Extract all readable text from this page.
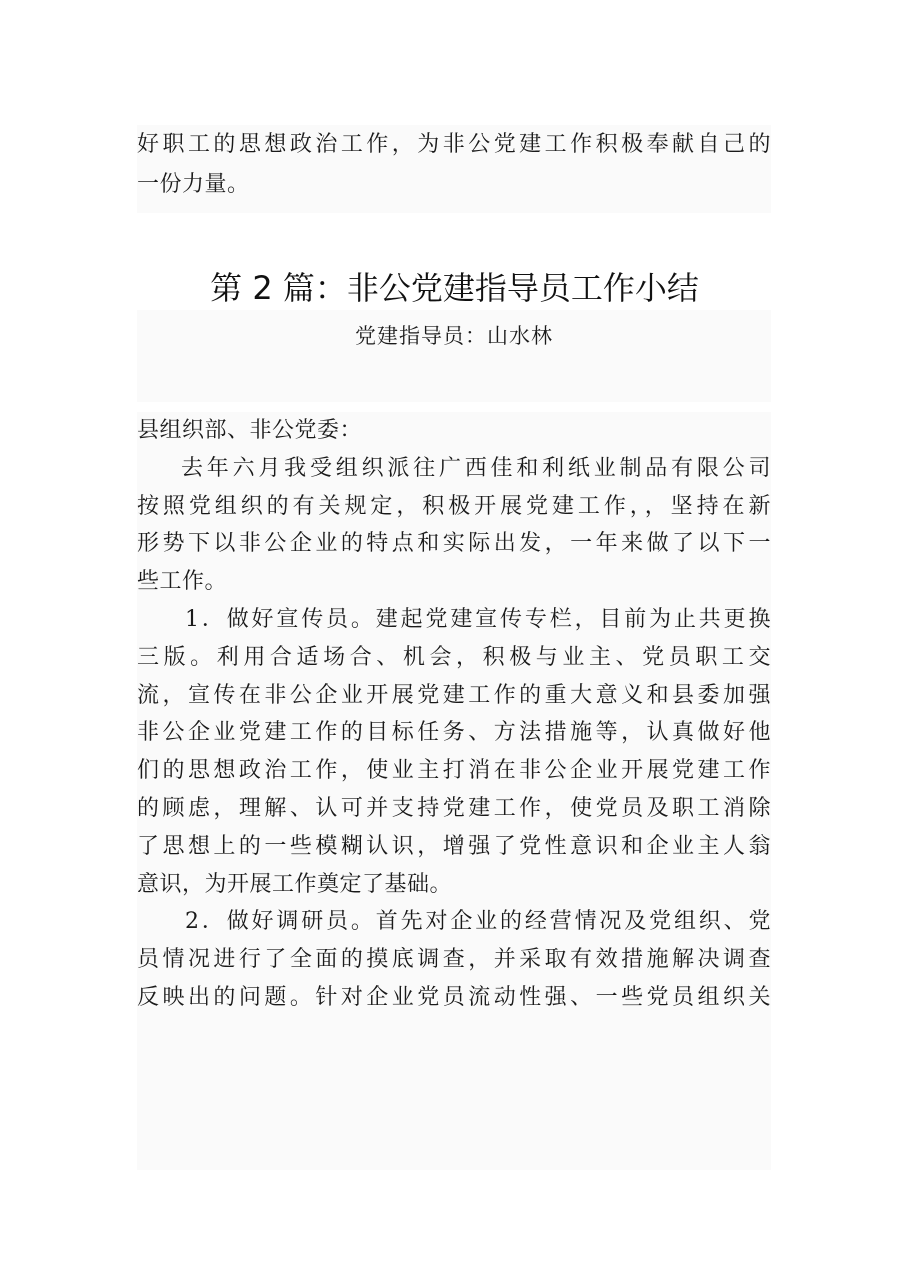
好职工的思想政治工作，为非公党建工作积极奉献自己的
一份力量。
第 2 篇：非公党建指导员工作小结
党建指导员：山水林
县组织部、非公党委：
去年六月我受组织派往广西佳和利纸业制品有限公司
按照党组织的有关规定，积极开展党建工作，，坚持在新
形势下以非公企业的特点和实际出发，一年来做了以下一
些工作。
1．做好宣传员。建起党建宣传专栏，目前为止共更换
三版。利用合适场合、机会，积极与业主、党员职工交
流，宣传在非公企业开展党建工作的重大意义和县委加强
非公企业党建工作的目标任务、方法措施等，认真做好他
们的思想政治工作，使业主打消在非公企业开展党建工作
的顾虑，理解、认可并支持党建工作，使党员及职工消除
了思想上的一些模糊认识，增强了党性意识和企业主人翁
意识，为开展工作奠定了基础。
2．做好调研员。首先对企业的经营情况及党组织、党
员情况进行了全面的摸底调查，并采取有效措施解决调查
反映出的问题。针对企业党员流动性强、一些党员组织关
